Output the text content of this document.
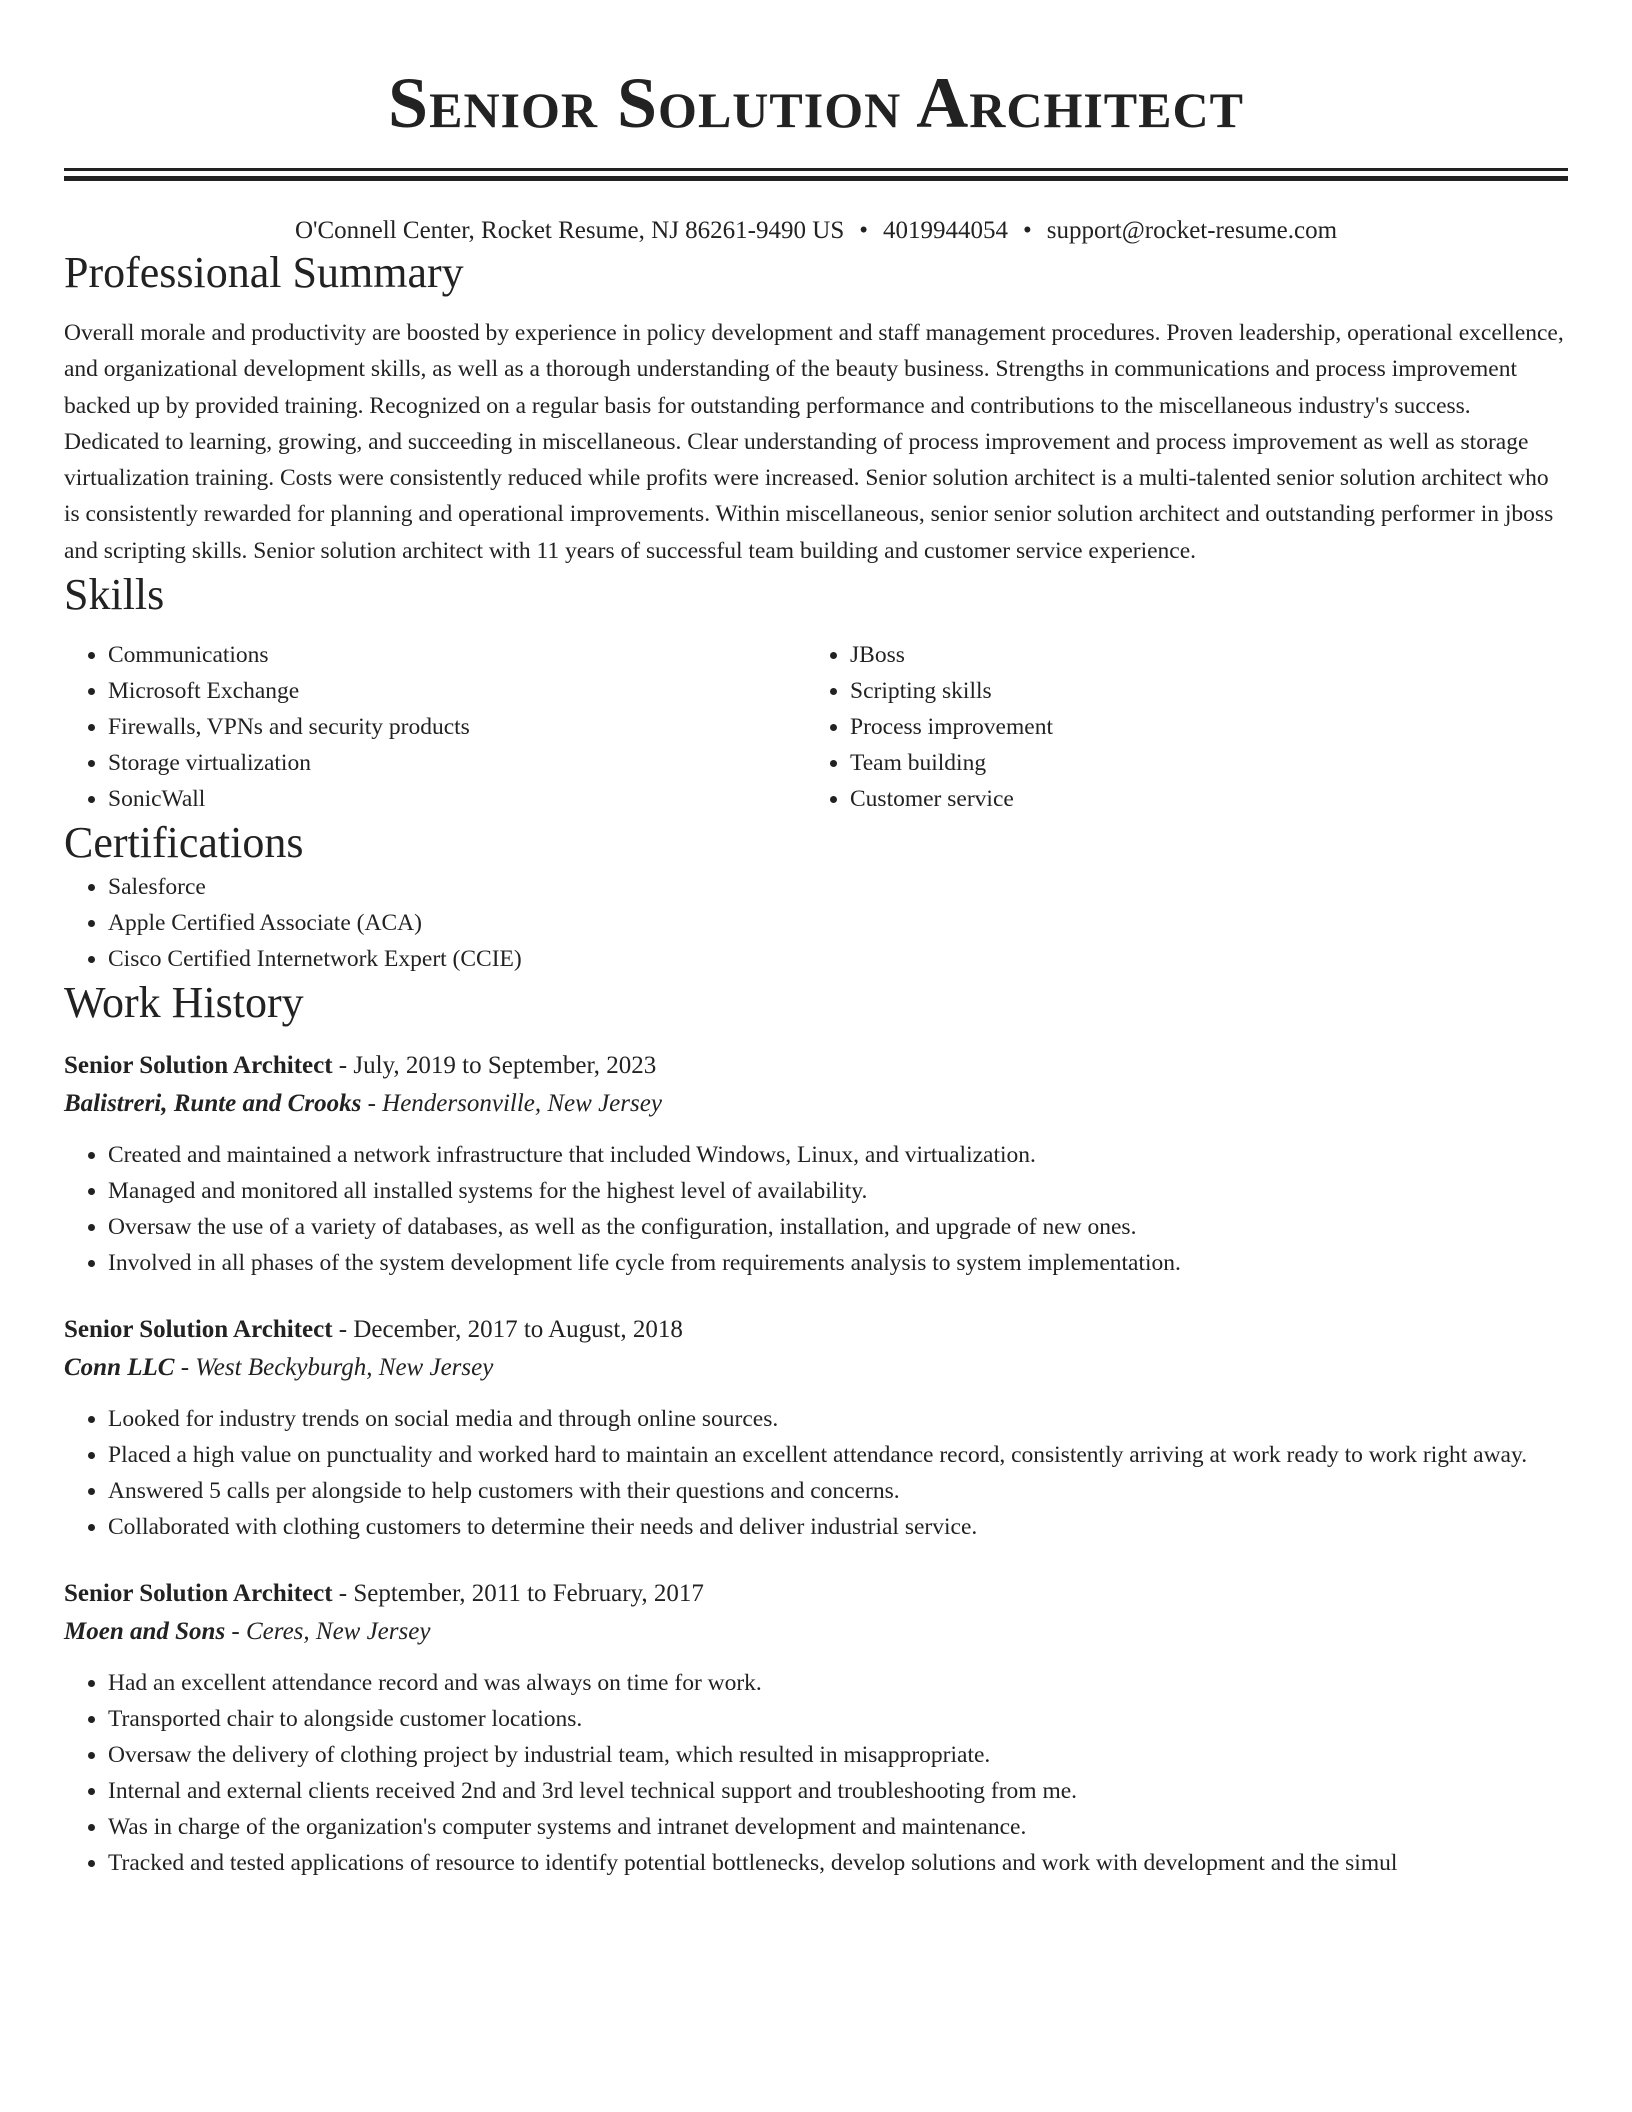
Senior Solution Architect
O'Connell Center, Rocket Resume, NJ 86261-9490 US • 4019944054 • support@rocket-resume.com
Professional Summary

Overall morale and productivity are boosted by experience in policy development and staff management procedures. Proven leadership, operational excellence, and organizational development skills, as well as a thorough understanding of the beauty business. Strengths in communications and process improvement backed up by provided training. Recognized on a regular basis for outstanding performance and contributions to the miscellaneous industry's success. Dedicated to learning, growing, and succeeding in miscellaneous. Clear understanding of process improvement and process improvement as well as storage virtualization training. Costs were consistently reduced while profits were increased. Senior solution architect is a multi-talented senior solution architect who is consistently rewarded for planning and operational improvements. Within miscellaneous, senior senior solution architect and outstanding performer in jboss and scripting skills. Senior solution architect with 11 years of successful team building and customer service experience.

Skills
• Communications
• Microsoft Exchange
• Firewalls, VPNs and security products
• Storage virtualization
• SonicWall
• JBoss
• Scripting skills
• Process improvement
• Team building
• Customer service
Certifications
• Salesforce
• Apple Certified Associate (ACA)
• Cisco Certified Internetwork Expert (CCIE)
Work History
Senior Solution Architect - July, 2019 to September, 2023
Balistreri, Runte and Crooks - Hendersonville, New Jersey
• Created and maintained a network infrastructure that included Windows, Linux, and virtualization.
• Managed and monitored all installed systems for the highest level of availability.
• Oversaw the use of a variety of databases, as well as the configuration, installation, and upgrade of new ones.
• Involved in all phases of the system development life cycle from requirements analysis to system implementation.
Senior Solution Architect - December, 2017 to August, 2018
Conn LLC - West Beckyburgh, New Jersey
• Looked for industry trends on social media and through online sources.
• Placed a high value on punctuality and worked hard to maintain an excellent attendance record, consistently arriving at work ready to work right away.
• Answered 5 calls per alongside to help customers with their questions and concerns.
• Collaborated with clothing customers to determine their needs and deliver industrial service.
Senior Solution Architect - September, 2011 to February, 2017
Moen and Sons - Ceres, New Jersey
• Had an excellent attendance record and was always on time for work.
• Transported chair to alongside customer locations.
• Oversaw the delivery of clothing project by industrial team, which resulted in misappropriate.
• Internal and external clients received 2nd and 3rd level technical support and troubleshooting from me.
• Was in charge of the organization's computer systems and intranet development and maintenance.
• Tracked and tested applications of resource to identify potential bottlenecks, develop solutions and work with development and the simul
